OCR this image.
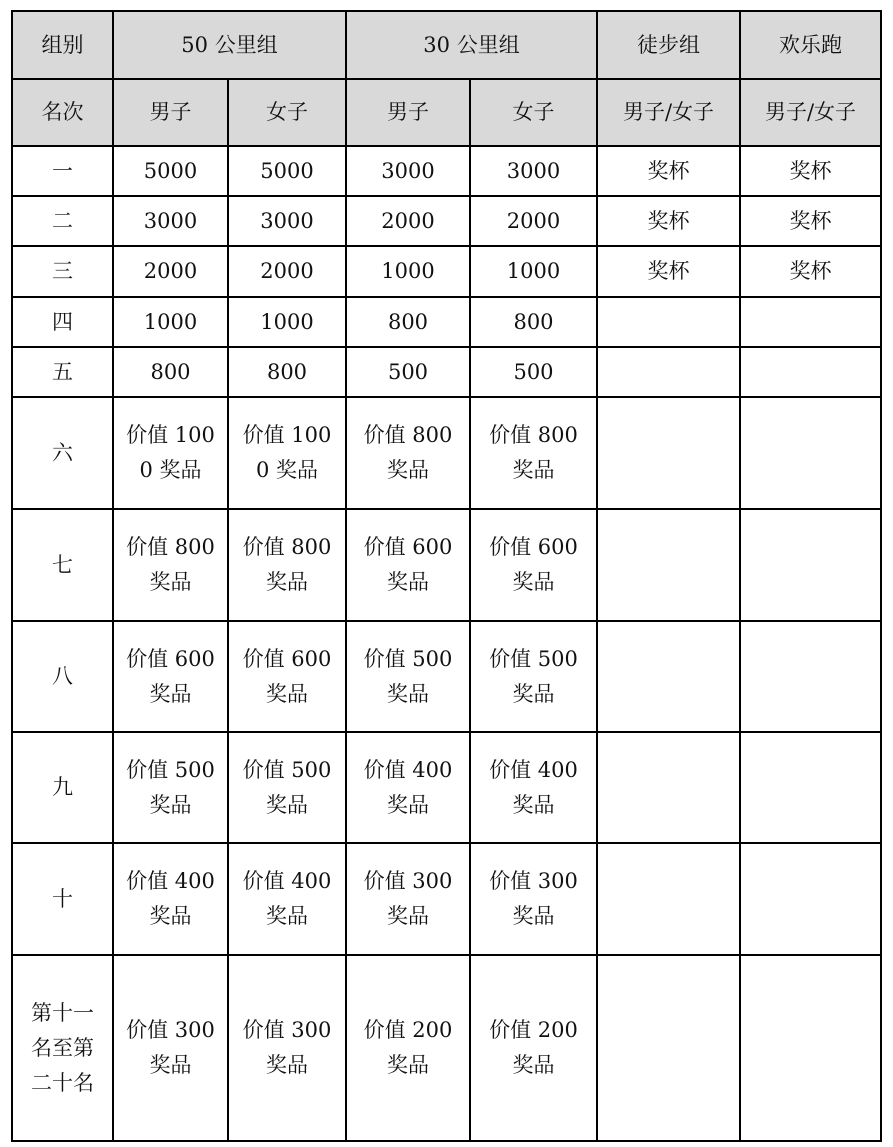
组别	50 公里组		30 公里组		徒步组	欢乐跑
名次	男子	女子	男子	女子	男子/女子	男子/女子
一	5000	5000	3000	3000	奖杯	奖杯
二	3000	3000	2000	2000	奖杯	奖杯
三	2000	2000	1000	1000	奖杯	奖杯
四	1000	1000	800	800		
五	800	800	500	500		
六	价值 1000 奖品	价值 1000 奖品	价值 800 奖品	价值 800 奖品		
七	价值 800 奖品	价值 800 奖品	价值 600 奖品	价值 600 奖品		
八	价值 600 奖品	价值 600 奖品	价值 500 奖品	价值 500 奖品		
九	价值 500 奖品	价值 500 奖品	价值 400 奖品	价值 400 奖品		
十	价值 400 奖品	价值 400 奖品	价值 300 奖品	价值 300 奖品		
第十一名至第二十名	价值 300 奖品	价值 300 奖品	价值 200 奖品	价值 200 奖品		
